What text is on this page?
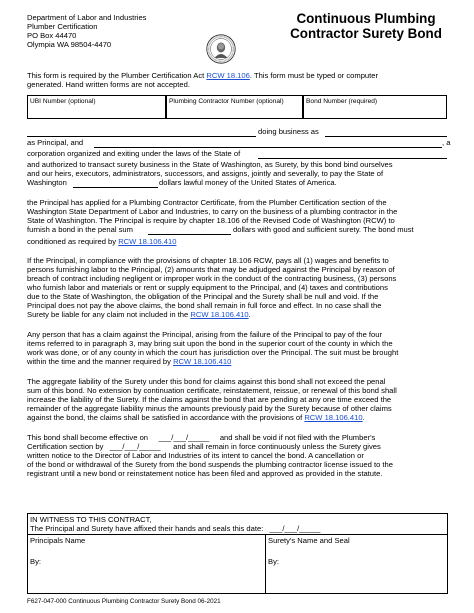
Department of Labor and Industries
Plumber Certification
PO Box 44470
Olympia WA 98504-4470
Continuous Plumbing
Contractor Surety Bond
This form is required by the Plumber Certification Act RCW 18.106. This form must be typed or computer
generated. Hand written forms are not accepted.
UBI Number (optional)	Plumbing Contractor Number (optional)	Bond Number (required)
doing business as
as Principal, and	, a
corporation organized and exiting under the laws of the State of
and authorized to transact surety business in the State of Washington, as Surety, by this bond bind ourselves
and our heirs, executors, administrators, successors, and assigns, jointly and severally, to pay the State of
Washington	dollars lawful money of the United States of America.
the Principal has applied for a Plumbing Contractor Certificate, from the Plumber Certification section of the
Washington State Department of Labor and Industries, to carry on the business of a plumbing contractor in the
State of Washington. The Principal is require by chapter 18.106 of the Revised Code of Washington (RCW) to
furnish a bond in the penal sum	dollars with good and sufficient surety. The bond must
conditioned as required by RCW 18.106.410
If the Principal, in compliance with the provisions of chapter 18.106 RCW, pays all (1) wages and benefits to
persons furnishing labor to the Principal, (2) amounts that may be adjudged against the Principal by reason of
breach of contract including negligent or improper work in the conduct of the contracting business, (3) persons
who furnish labor and materials or rent or supply equipment to the Principal, and (4) taxes and contributions
due to the State of Washington, the obligation of the Principal and the Surety shall be null and void. If the
Principal does not pay the above claims, the bond shall remain in full force and effect. In no case shall the
Surety be liable for any claim not included in the RCW 18.106.410.
Any person that has a claim against the Principal, arising from the failure of the Principal to pay of the four
items referred to in paragraph 3, may bring suit upon the bond in the superior court of the county in which the
work was done, or of any county in which the court has jurisdiction over the Principal. The suit must be brought
within the time and the manner required by RCW 18.106.410
The aggregate liability of the Surety under this bond for claims against this bond shall not exceed the penal
sum of this bond. No extension by continuation certificate, reinstatement, reissue, or renewal of this bond shall
increase the liability of the Surety. If the claims against the bond that are pending at any one time exceed the
remainder of the aggregate liability minus the amounts previously paid by the Surety because of other claims
against the bond, the claims shall be satisfied in accordance with the provisions of RCW 18.106.410.
This bond shall become effective on ___/___/_____ and shall be void if not filed with the Plumber's
Certification section by ___/___/_____ and shall remain in force continuously unless the Surety gives
written notice to the Director of Labor and Industries of its intent to cancel the bond. A cancellation or
of the bond or withdrawal of the Surety from the bond suspends the plumbing contractor license issued to the
registrant until a new bond or reinstatement notice has been filed and approved as provided in the statute.
IN WITNESS TO THIS CONTRACT,
The Principal and Surety have affixed their hands and seals this date: ___/___/_____
Principals Name	Surety's Name and Seal
By:	By:
F627-047-000 Continuous Plumbing Contractor Surety Bond 06-2021
